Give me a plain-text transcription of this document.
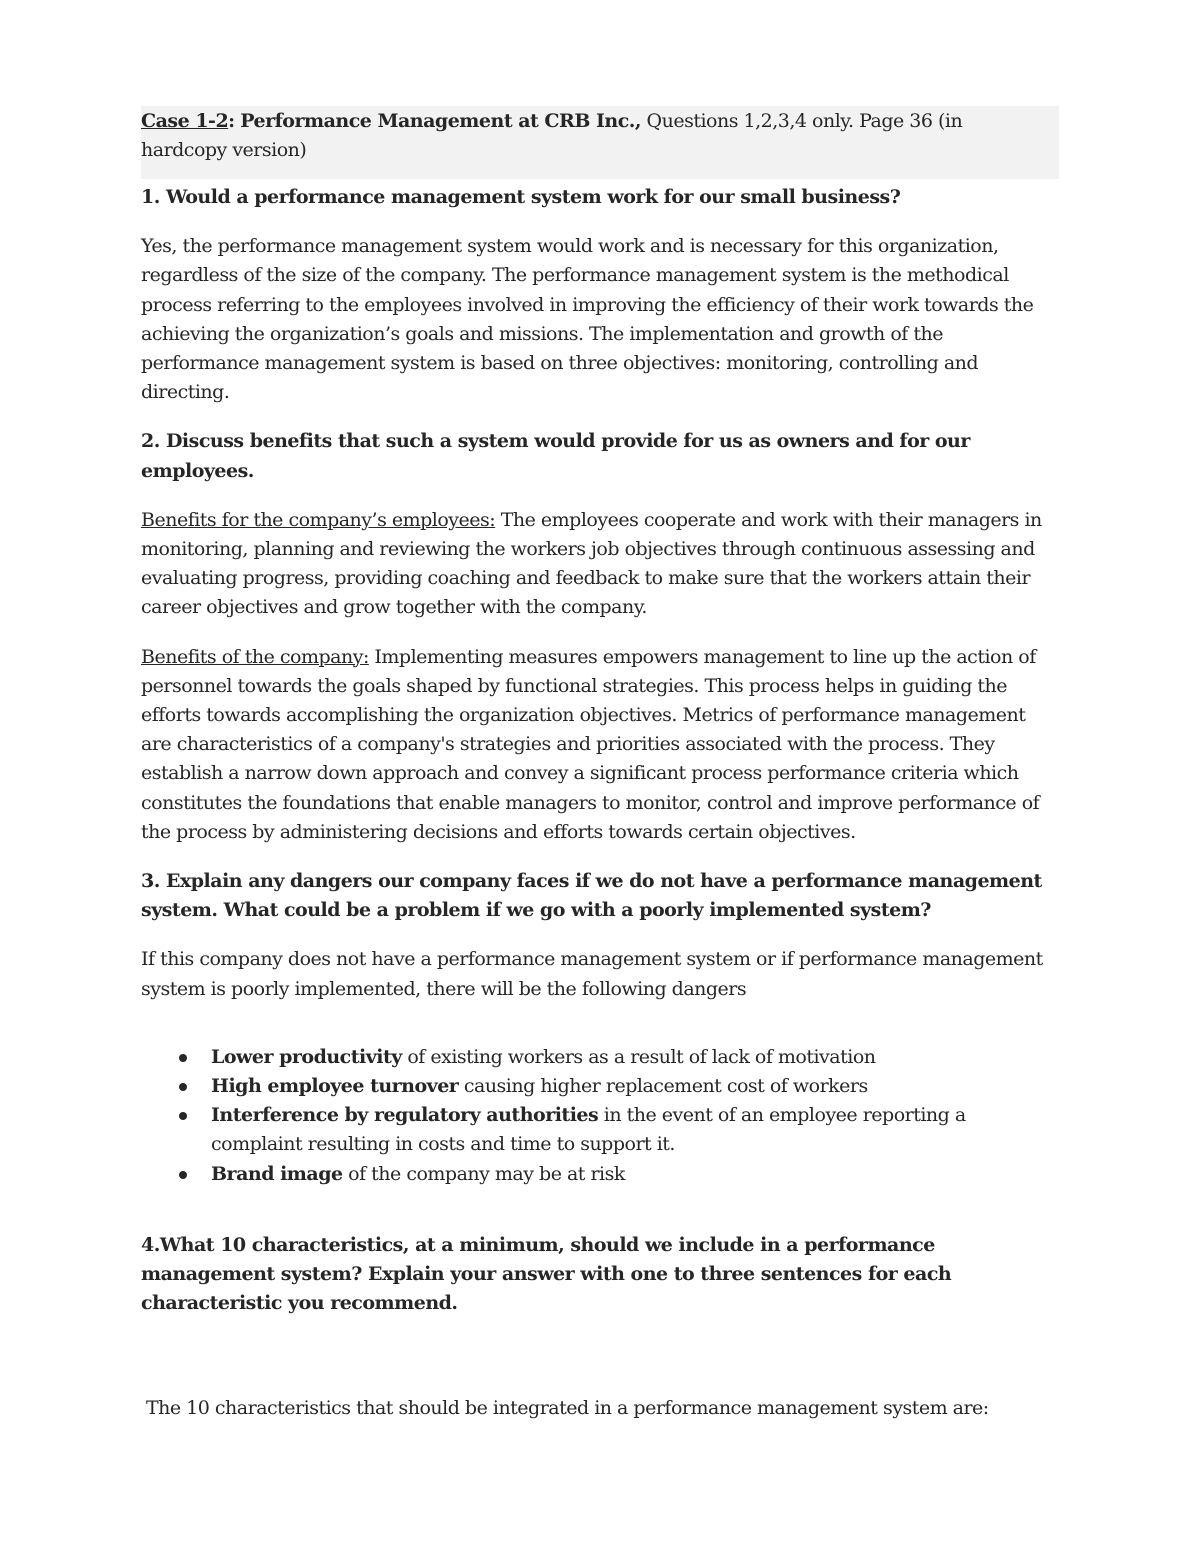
Case 1-2: Performance Management at CRB Inc., Questions 1,2,3,4 only. Page 36 (in
hardcopy version)

1. Would a performance management system work for our small business?

Yes, the performance management system would work and is necessary for this organization, regardless of the size of the company. The performance management system is the methodical process referring to the employees involved in improving the efficiency of their work towards the achieving the organization’s goals and missions. The implementation and growth of the performance management system is based on three objectives: monitoring, controlling and directing.

2. Discuss benefits that such a system would provide for us as owners and for our employees.

Benefits for the company’s employees: The employees cooperate and work with their managers in monitoring, planning and reviewing the workers job objectives through continuous assessing and evaluating progress, providing coaching and feedback to make sure that the workers attain their career objectives and grow together with the company.

Benefits of the company: Implementing measures empowers management to line up the action of personnel towards the goals shaped by functional strategies. This process helps in guiding the efforts towards accomplishing the organization objectives. Metrics of performance management are characteristics of a company's strategies and priorities associated with the process. They establish a narrow down approach and convey a significant process performance criteria which constitutes the foundations that enable managers to monitor, control and improve performance of the process by administering decisions and efforts towards certain objectives.

3. Explain any dangers our company faces if we do not have a performance management system. What could be a problem if we go with a poorly implemented system?

If this company does not have a performance management system or if performance management system is poorly implemented, there will be the following dangers

Lower productivity of existing workers as a result of lack of motivation
High employee turnover causing higher replacement cost of workers
Interference by regulatory authorities in the event of an employee reporting a complaint resulting in costs and time to support it.
Brand image of the company may be at risk

4.What 10 characteristics, at a minimum, should we include in a performance management system? Explain your answer with one to three sentences for each characteristic you recommend.

The 10 characteristics that should be integrated in a performance management system are:
